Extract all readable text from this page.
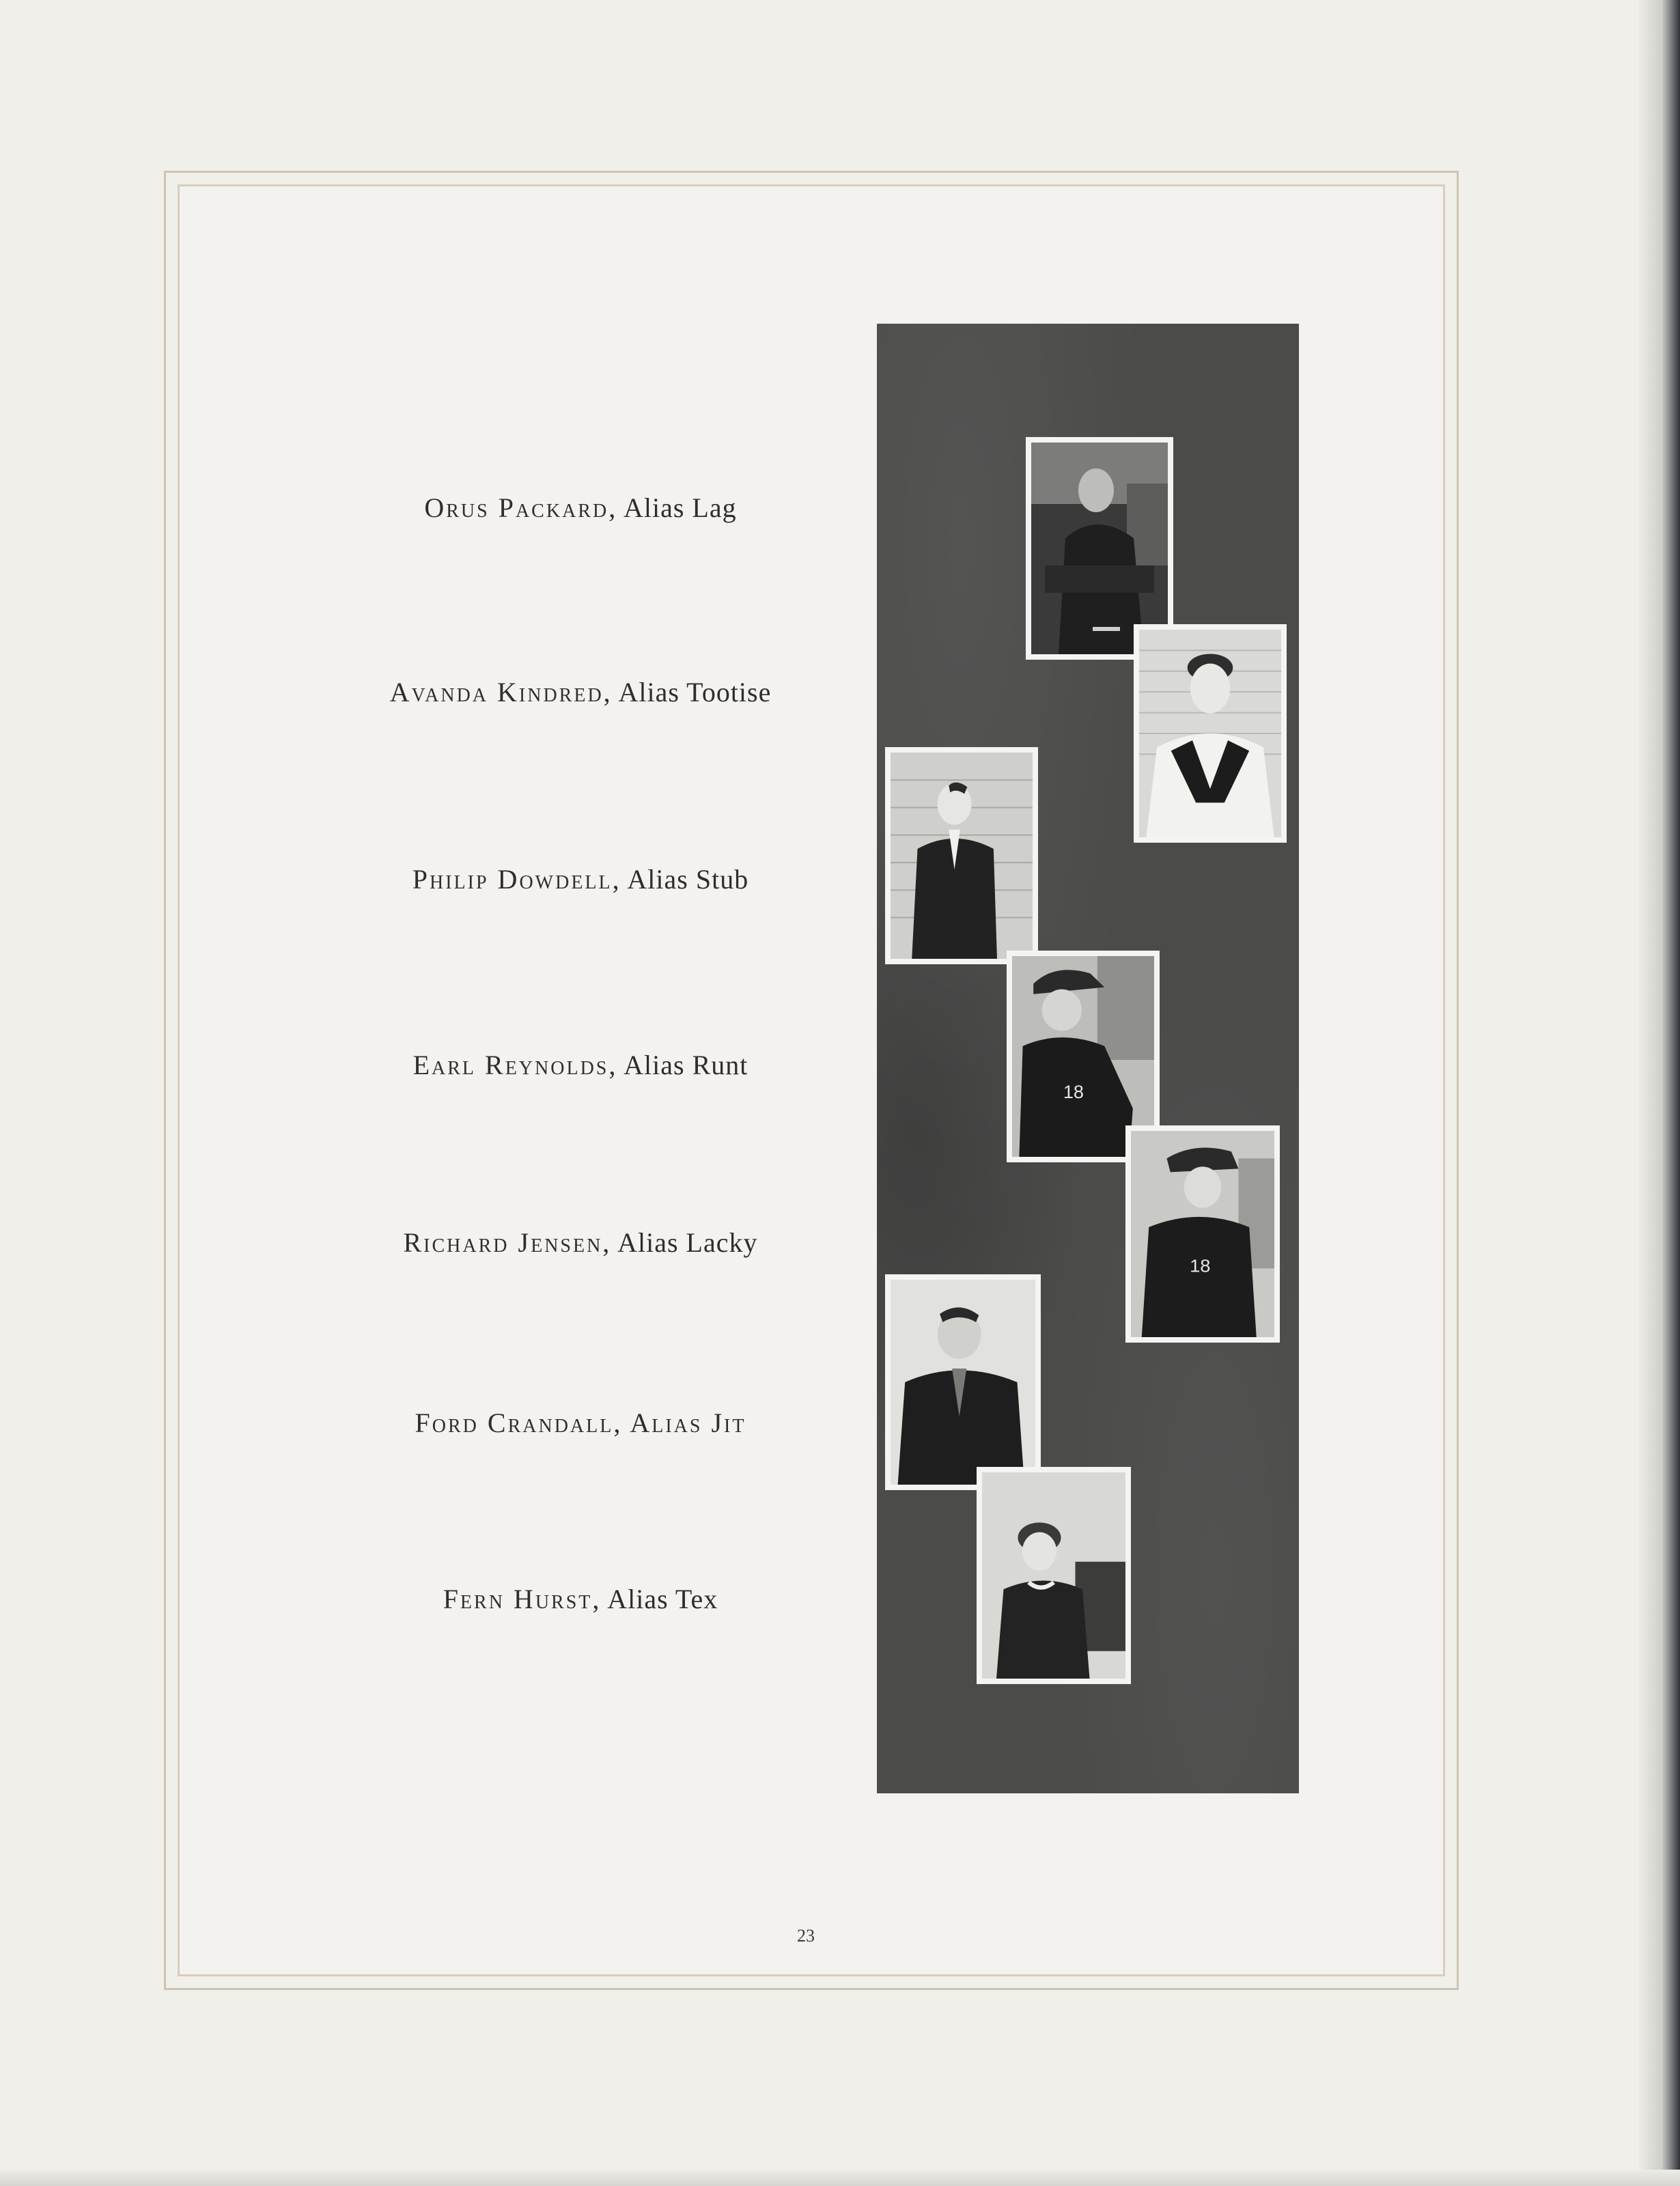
Orus Packard, Alias Lag
Avanda Kindred, Alias Tootise
Philip Dowdell, Alias Stub
Earl Reynolds, Alias Runt
Richard Jensen, Alias Lacky
Ford Crandall, Alias Jit
Fern Hurst, Alias Tex
18
18
23
